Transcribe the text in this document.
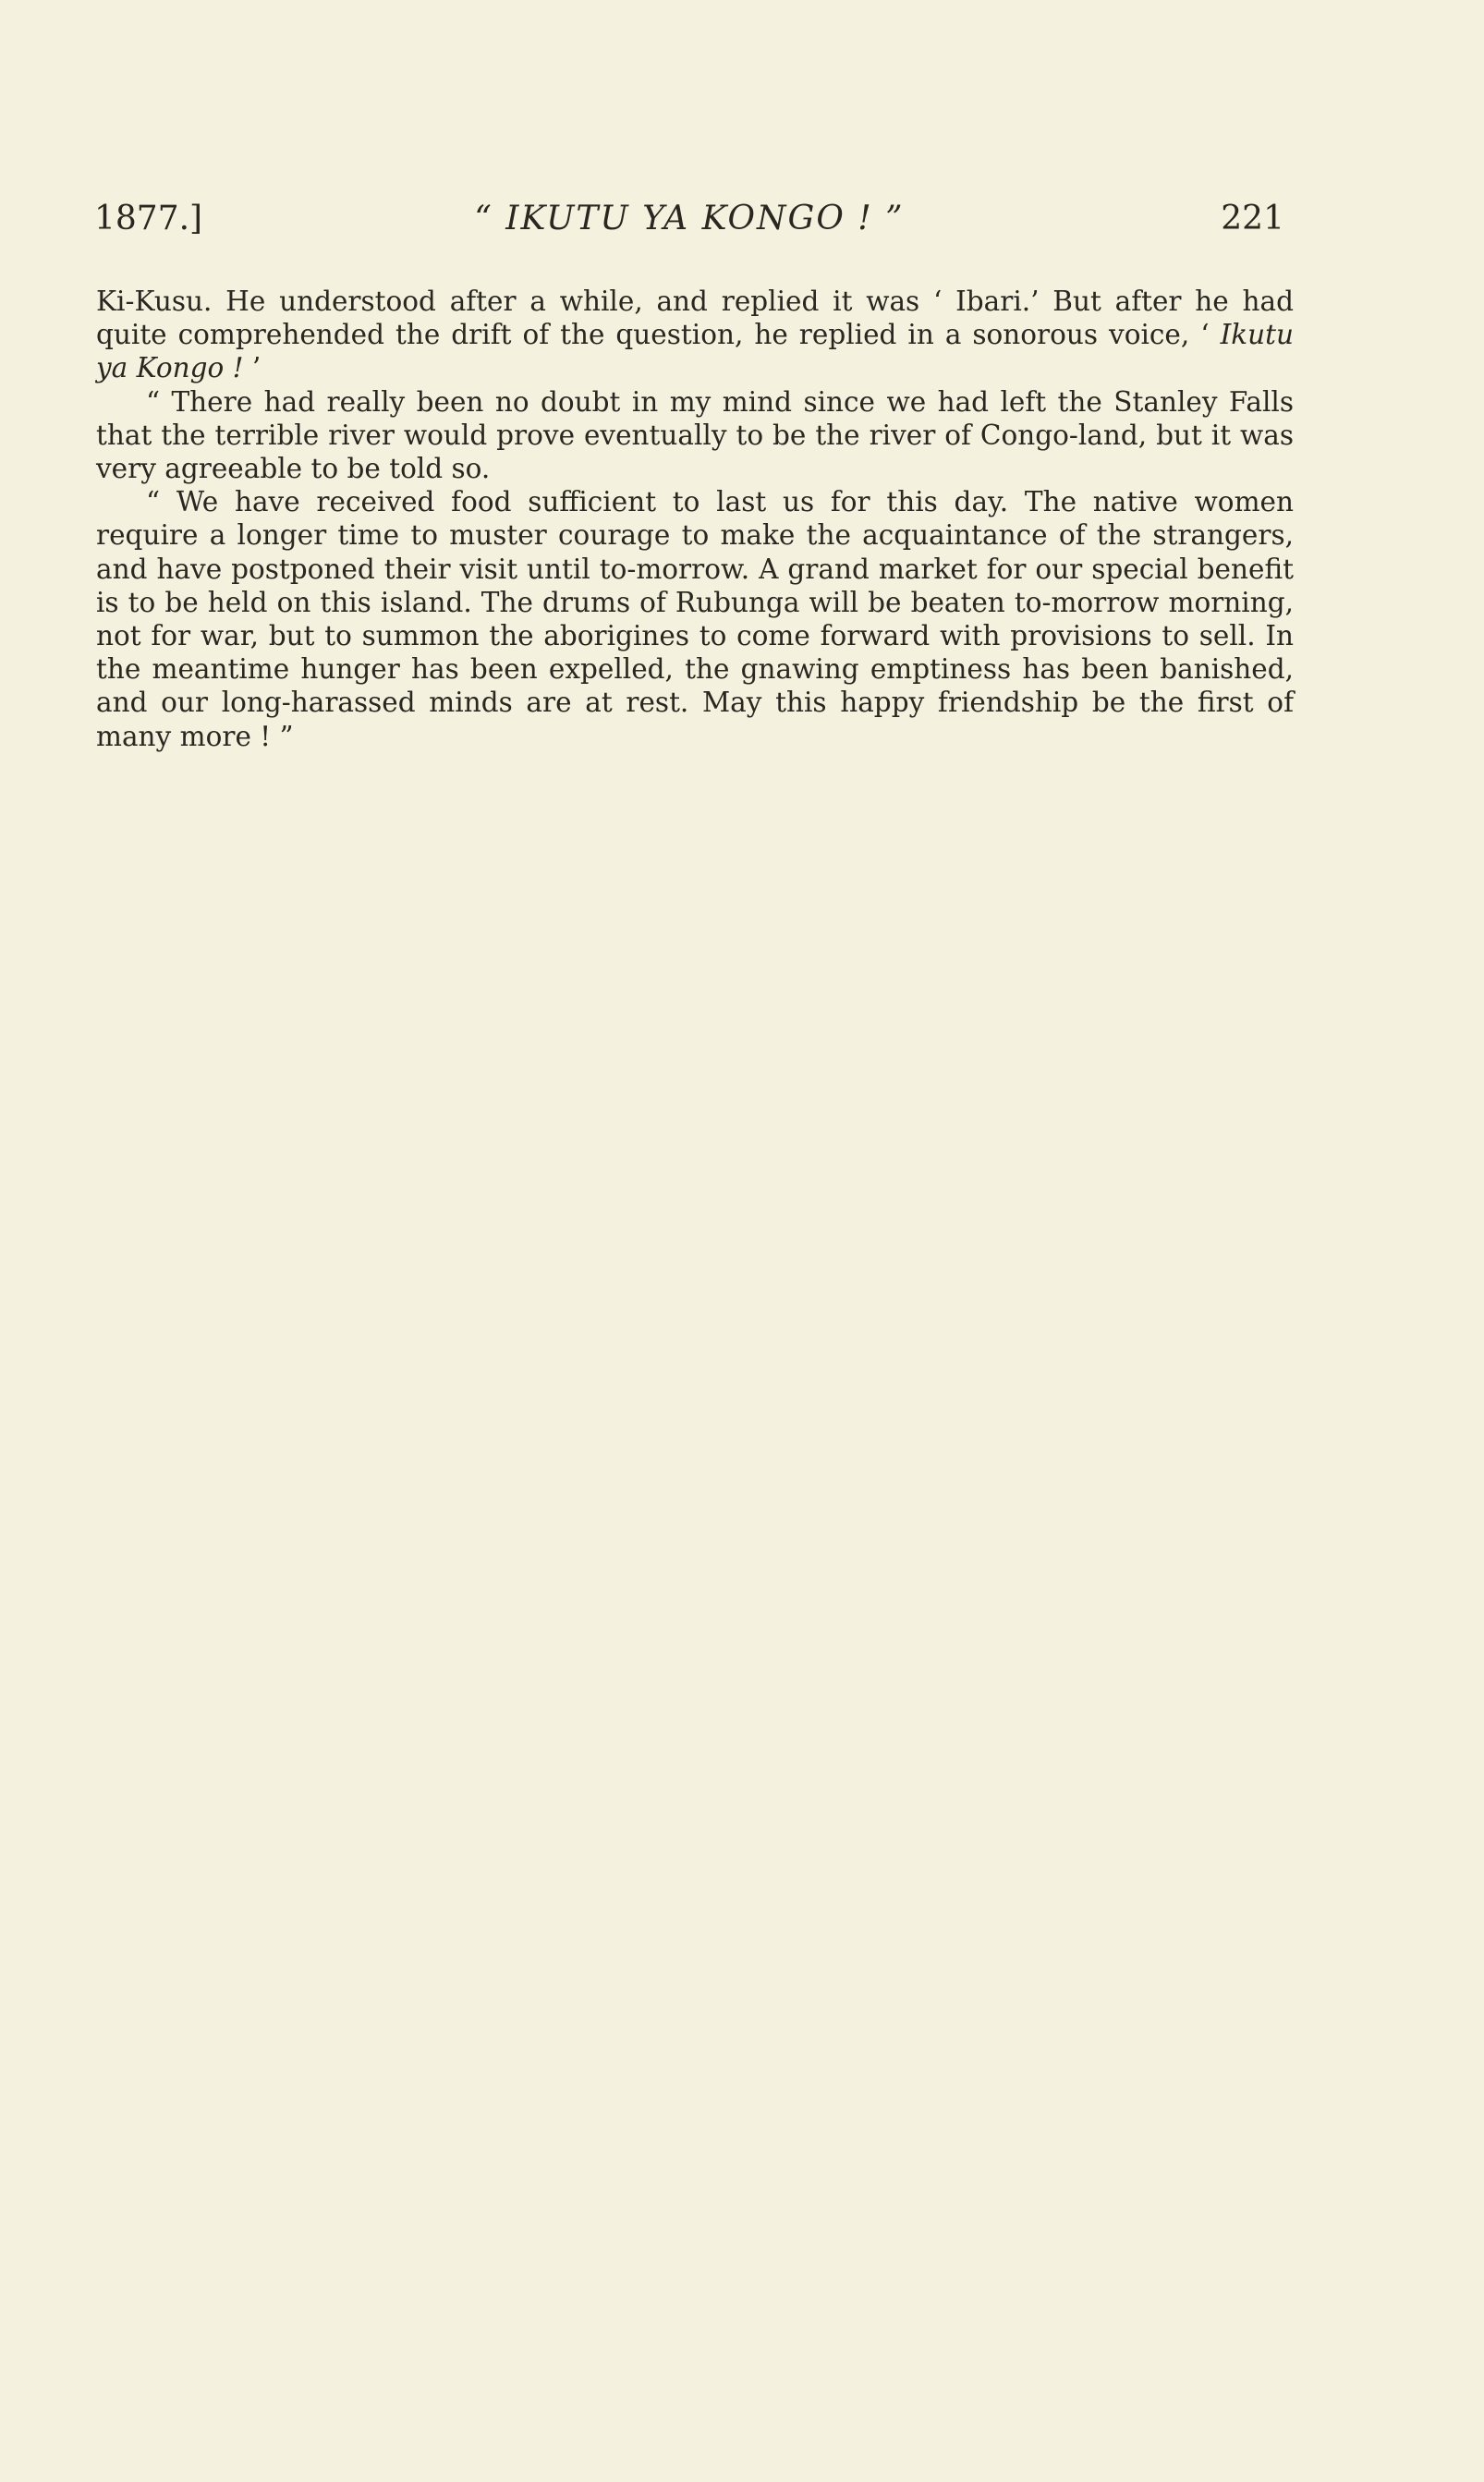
1877.]	“ IKUTU YA KONGO ! ”	221

Ki-Kusu. He understood after a while, and replied it was ‘ Ibari.’ But after he had quite comprehended the drift of the question, he replied in a sonorous voice, ‘ Ikutu ya Kongo ! ’

“ There had really been no doubt in my mind since we had left the Stanley Falls that the terrible river would prove eventually to be the river of Congo-land, but it was very agreeable to be told so.

“ We have received food sufficient to last us for this day. The native women require a longer time to muster courage to make the acquaintance of the strangers, and have postponed their visit until to-morrow. A grand market for our special benefit is to be held on this island. The drums of Rubunga will be beaten to-morrow morning, not for war, but to summon the aborigines to come forward with provisions to sell. In the meantime hunger has been expelled, the gnawing emptiness has been banished, and our long-harassed minds are at rest. May this happy friendship be the first of many more ! ”
